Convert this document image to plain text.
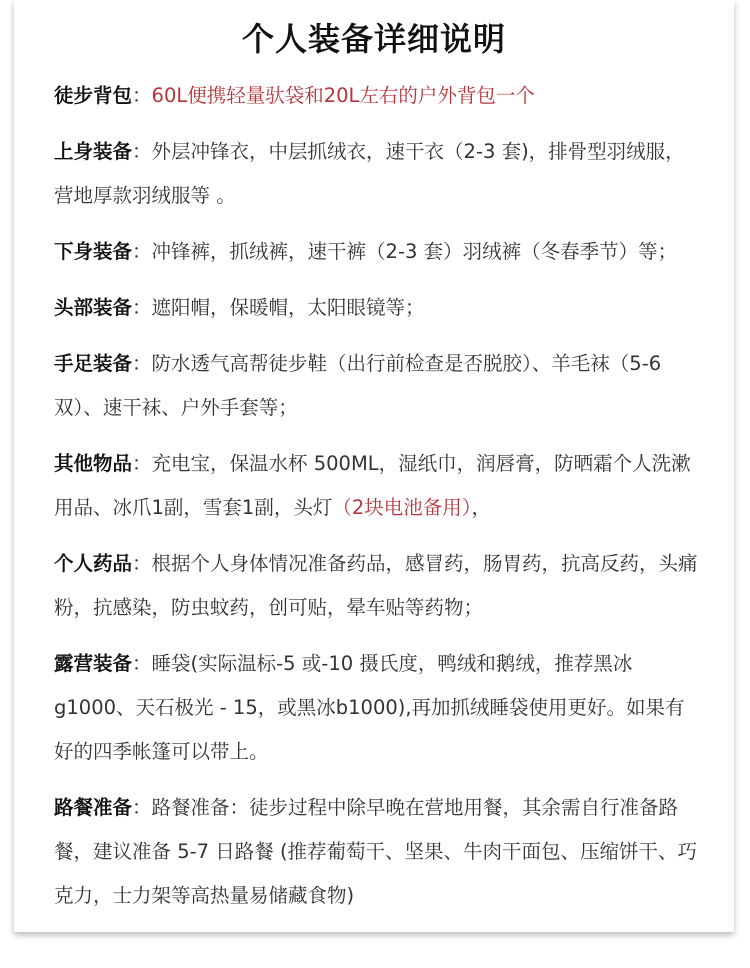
个人装备详细说明
徒步背包：60L便携轻量驮袋和20L左右的户外背包一个
上身装备：外层冲锋衣，中层抓绒衣，速干衣（2-3 套)，排骨型羽绒服，营地厚款羽绒服等 。
下身装备：冲锋裤，抓绒裤，速干裤（2-3 套）羽绒裤（冬春季节）等；
头部装备：遮阳帽，保暖帽，太阳眼镜等；
手足装备：防水透气高帮徒步鞋（出行前检查是否脱胶）、羊毛袜（5-6 双）、速干袜、户外手套等；
其他物品：充电宝，保温水杯 500ML，湿纸巾，润唇膏，防晒霜个人洗漱用品、冰爪1副，雪套1副，头灯（2块电池备用），
个人药品：根据个人身体情况准备药品，感冒药，肠胃药，抗高反药，头痛粉，抗感染，防虫蚊药，创可贴，晕车贴等药物；
露营装备：睡袋(实际温标-5 或-10 摄氏度，鸭绒和鹅绒，推荐黑冰 g1000、天石极光 - 15，或黑冰b1000),再加抓绒睡袋使用更好。如果有好的四季帐篷可以带上。
路餐准备：路餐准备：徒步过程中除早晚在营地用餐，其余需自行准备路餐，建议准备 5-7 日路餐 (推荐葡萄干、坚果、牛肉干面包、压缩饼干、巧克力，士力架等高热量易储藏食物)
